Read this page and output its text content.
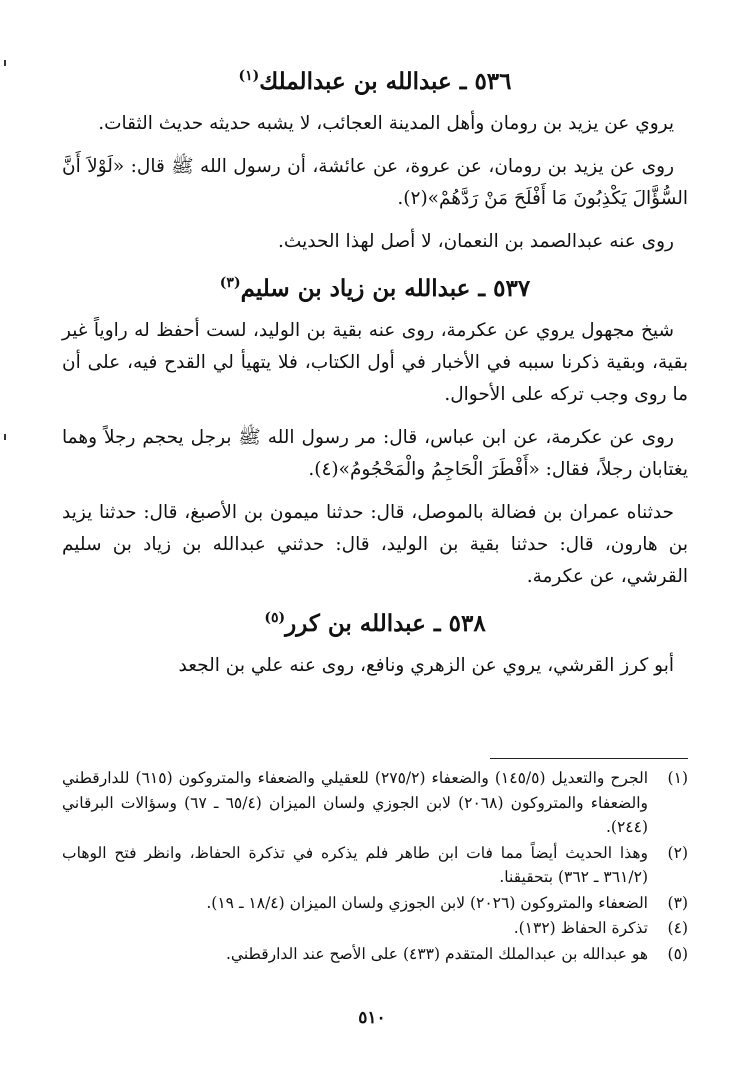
٥٣٦ ـ عبدالله بن عبدالملك$^{(١)}$

يروي عن يزيد بن رومان وأهل المدينة العجائب، لا يشبه حديثه حديث الثقات.

روى عن يزيد بن رومان، عن عروة، عن عائشة، أن رسول الله ﷺ قال: «لَوْلاَ أَنَّ السُّؤَّالَ يَكْذِبُونَ مَا أَفْلَحَ مَنْ رَدَّهُمْ»(٢).

روى عنه عبدالصمد بن النعمان، لا أصل لهذا الحديث.

٥٣٧ ـ عبدالله بن زياد بن سليم$^{(٣)}$

شيخ مجهول يروي عن عكرمة، روى عنه بقية بن الوليد، لست أحفظ له راوياً غير بقية، وبقية ذكرنا سببه في الأخبار في أول الكتاب، فلا يتهيأ لي القدح فيه، على أن ما روى وجب تركه على الأحوال.

روى عن عكرمة، عن ابن عباس، قال: مر رسول الله ﷺ برجل يحجم رجلاً وهما يغتابان رجلاً، فقال: «أَفْطَرَ الْحَاجِمُ والْمَحْجُومُ»(٤).

حدثناه عمران بن فضالة بالموصل، قال: حدثنا ميمون بن الأصبغ، قال: حدثنا يزيد بن هارون، قال: حدثنا بقية بن الوليد، قال: حدثني عبدالله بن زياد بن سليم القرشي، عن عكرمة.

٥٣٨ ـ عبدالله بن كرر$^{(٥)}$

أبو كرز القرشي، يروي عن الزهري ونافع، روى عنه علي بن الجعد

(١)
الجرح والتعديل (١٤٥/٥) والضعفاء (٢٧٥/٢) للعقيلي والضعفاء والمتروكون (٦١٥) للدارقطني والضعفاء والمتروكون (٢٠٦٨) لابن الجوزي ولسان الميزان (٦٥/٤ ـ ٦٧) وسؤالات البرقاني (٢٤٤).
(٢)
وهذا الحديث أيضاً مما فات ابن طاهر فلم يذكره في تذكرة الحفاظ، وانظر فتح الوهاب (٣٦١/٢ ـ ٣٦٢) بتحقيقنا.
(٣)
الضعفاء والمتروكون (٢٠٢٦) لابن الجوزي ولسان الميزان (١٨/٤ ـ ١٩).
(٤)
تذكرة الحفاظ (١٣٢).
(٥)
هو عبدالله بن عبدالملك المتقدم (٤٣٣) على الأصح عند الدارقطني.
٥١٠
